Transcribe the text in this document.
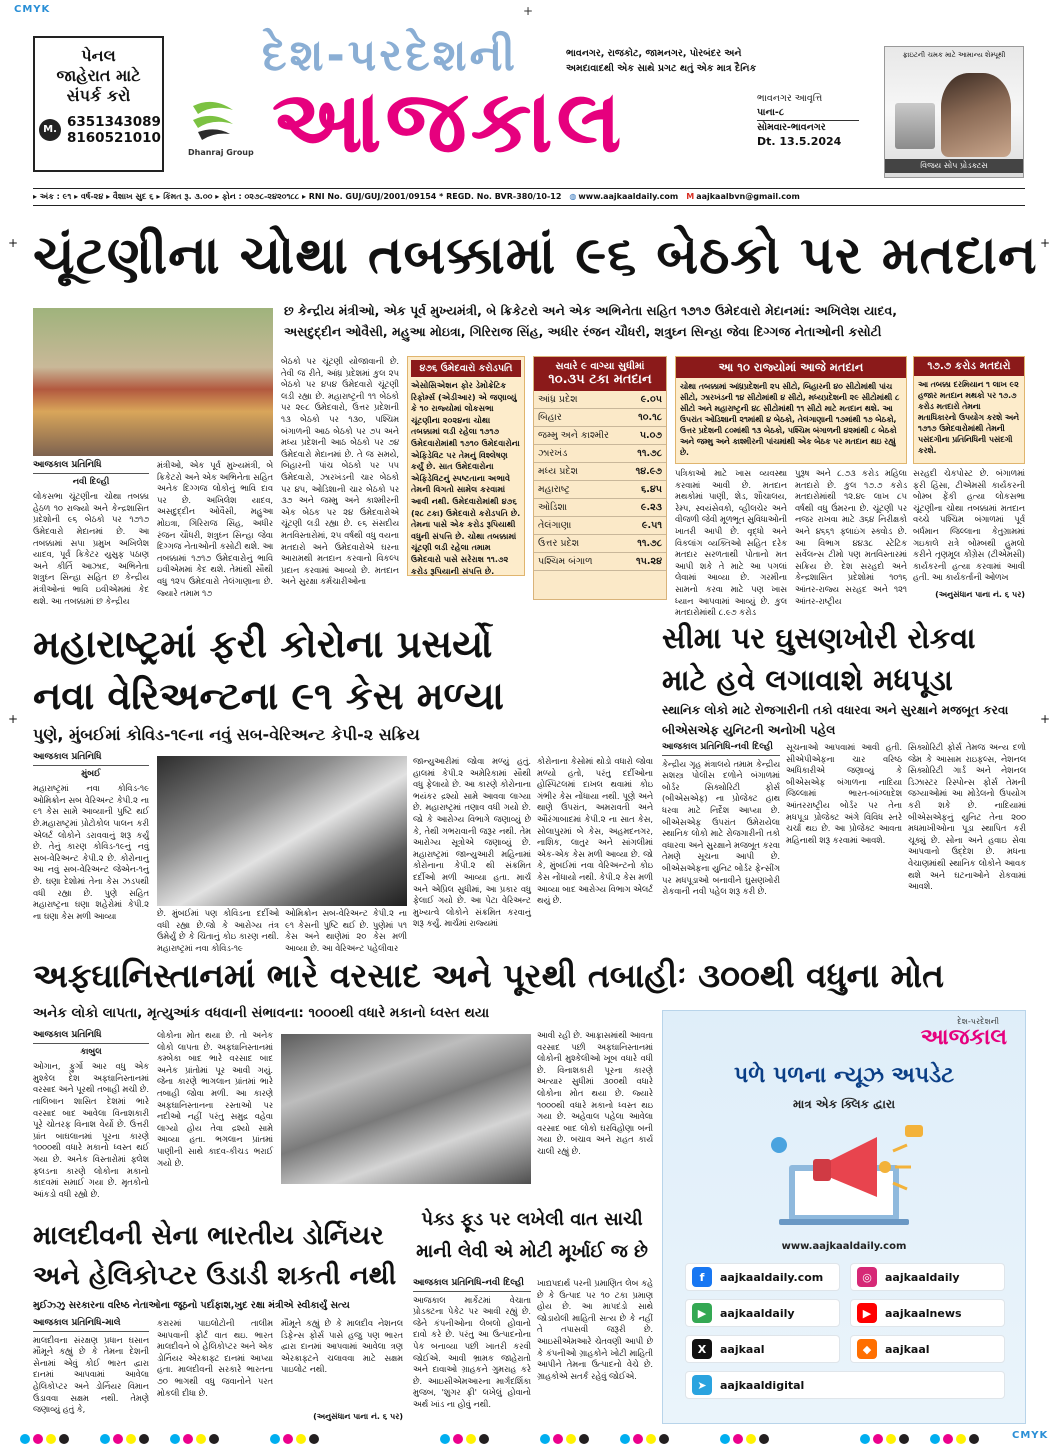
CMYK	+
પેનલ
જાહેરાત માટે
સંપર્ક કરો
M. 6351343089
8160521010
Dhanraj Group
દેશ-પરદેશની
આજકાલ
ભાવનગર, રાજકોટ, જામનગર, પોરબંદર અને
અમદાવાદથી એક સાથે પ્રગટ થતું એક માત્ર દૈનિક
ભાવનગર આવૃત્તિ
પાના-૮
સોમવાર-ભાવનગર
Dt. 13.5.2024
ફ્રાઇટની ચમક માટે આમાન્ય શેમ્પૂથી
વિજય સોપ પ્રોડક્ટસ
▸ અંક : ૯૧ ▸ વર્ષ-૨૪ ▸ વૈશાખ સુદ ૬ ▸ કિંમત રૂ. ૩.૦૦ ▸ ફોન : ૦૨૭૮-૨૪૨૦૧૮૮ ▸ RNI No. GUJ/GUJ/2001/09154 * REGD. No. BVR-380/10-12 ◍ www.aajkaaldaily.com M aajkaalbvn@gmail.com
+	+
ચૂંટણીના ચોથા તબક્કામાં ૯૬ બેઠકો પર મતદાન
છ કેન્દ્રીય મંત્રીઓ, એક પૂર્વ મુખ્યમંત્રી, બે ક્રિકેટરો અને એક અભિનેતા સહિત ૧૭૧૭ ઉમેદવારો મેદાનમાં: અખિલેશ યાદવ,
અસદુદ્દીન ઓવૈસી, મહુઆ મોઇત્રા, ગિરિરાજ સિંહ, અધીર રંજન ચૌધરી, શત્રુઘ્ન સિન્હા જેવા દિગ્ગજ નેતાઓની કસોટી
આજકાલ પ્રતિનિધિ
નવી દિલ્હી

લોકસભા ચૂંટણીના ચોથા તબક્કા હેઠળ ૧૦ રાજ્યો અને કેન્દ્રશાસિત પ્રદેશોની ૯૬ બેઠકો પર ૧૭૧૭ ઉમેદવારો મેદાનમાં છે. આ તબક્કામાં સપા પ્રમુખ અખિલેશ યાદવ, પૂર્વ ક્રિકેટર યુસુફ પઠાણ અને કીર્તિ આઝાદ, અભિનેતા શત્રુઘ્ન સિન્હા સહિત છ કેન્દ્રીય મંત્રીઓનાં ભાવિ ઇવીએમમાં કેદ થશે. આ તબક્કામાં છ કેન્દ્રીય

મંત્રીઓ, એક પૂર્વ મુખ્યમંત્રી, બે ક્રિકેટરો અને એક અભિનેતા સહિત અનેક દિગ્ગજ લોકોનું ભાવિ દાવ પર છે. અખિલેશ યાદવ, અસદુદ્દીન ઓવૈસી, મહુઆ મોઇત્રા, ગિરિરાજ સિંહ, અધીર રંજન ચૌધરી, શત્રુઘ્ન સિન્હા જેવા દિગ્ગજ નેતાઓની કસોટી થશે. આ તબક્કામાં ૧૭૧૭ ઉમેદવારોનું ભાવિ ઇવીએમમાં કેદ થશે. તેમાંથી સૌથી વધુ ૧૨૫ ઉમેદવારો તેલંગાણાના છે. જ્યારે તમામ ૧૭

બેઠકો પર ચૂંટણી યોજાવાની છે. તેવી જ રીતે, આંધ્ર પ્રદેશમાં કુલ ૨૫ બેઠકો પર ૪૫૪ ઉમેદવારો ચૂંટણી લડી રહ્યા છે. મહારાષ્ટ્રની ૧૧ બેઠકો પર ૨૯૮ ઉમેદવારો, ઉત્તર પ્રદેશની ૧૩ બેઠકો પર ૧૩૦, પશ્ચિમ બંગાળની આઠ બેઠકો પર ૭૫ અને મધ્ય પ્રદેશની આઠ બેઠકો પર ૭૪ ઉમેદવારો મેદાનમાં છે. તે જ સમયે, બિહારની પાંચ બેઠકો પર ૫૫ ઉમેદવારો, ઝારખંડની ચાર બેઠકો પર ૪૫, ઓડિશાની ચાર બેઠકો પર ૩૭ અને જમ્મુ અને કાશ્મીરની એક બેઠક પર ૨૪ ઉમેદવારોએ ચૂંટણી લડી રહ્યા છે. ૯૬ સંસદીય મતવિસ્તારોમાં, ૨૫ વર્ષથી વધુ વયના મતદારો અને ઉમેદવારોએ ઘરના આરામથી મતદાન કરવાનો વિકલ્પ પ્રદાન કરવામાં આવ્યો છે. મતદાન અને સુરક્ષા કર્મચારીઓના

૪૭૬ ઉમેદવારો કરોડપતિ
એસોસિએશન ફોર ડેમોક્રેટિક રિફોર્મ્સ (એડીઆર) એ જણાવ્યું કે ૧૦ રાજ્યોમાં લોકસભા ચૂંટણીના ૨૦૨૪ના ચોથા તબક્કામાં લડી રહેલા ૧૭૧૭ ઉમેદવારોમાંથી ૧૭૧૦ ઉમેદવારોના એફિડેવિટ પર તેમનું વિશ્લેષણ કર્યું છે. સાત ઉમેદવારોના એફિડેવિટનું સ્પષ્ટતાના અભાવે તેમની વિગતો સામેલ કરવામાં આવી નથી. ઉમેદવારોમાંથી ૪૭૬ (૨૮ ટકા) ઉમેદવારો કરોડપતિ છે. તેમના પાસે એક કરોડ રૂપિયાથી વધુની સંપત્તિ છે. ચોથા તબક્કામાં ચૂંટણી લડી રહેલા તમામ ઉમેદવારો પાસે સરેરાશ ૧૧.૭૨ કરોડ રૂપિયાની સંપત્તિ છે.
સવારે ૯ વાગ્યા સુધીમાં
૧૦.૩૫ ટકા મતદાન
આંધ્ર પ્રદેશ	૯.૦૫
બિહાર	૧૦.૧૮
જમ્મુ અને કાશ્મીર	૫.૦૭
ઝારખંડ	૧૧.૭૮
મધ્ય પ્રદેશ	૧૪.૯૭
મહારાષ્ટ્ર	૬.૪૫
ઓડિશા	૯.૨૩
તેલંગાણા	૯.૫૧
ઉત્તર પ્રદેશ	૧૧.૭૮
પશ્ચિમ બંગાળ	૧૫.૨૪
આ ૧૦ રાજ્યોમાં આજે મતદાન
ચોથા તબક્કામાં આંધ્રપ્રદેશની ૨૫ સીટો, બિહારની ૪૦ સીટોમાંથી પાંચ સીટો, ઝારખંડની ૧૪ સીટોમાંથી ૪ સીટો, મધ્યપ્રદેશની ૨૯ સીટોમાંથી ૮ સીટો અને મહારાષ્ટ્રની ૪૮ સીટોમાંથી ૧૧ સીટો માટે મતદાન થશે. આ ઉપરાંત ઓડિશાની ૨૧માંથી ૪ બેઠકો, તેલંગાણાની ૧૭માંથી ૧૭ બેઠકો, ઉત્તર પ્રદેશની ૮૦માંથી ૧૩ બેઠકો, પશ્ચિમ બંગાળની ૪૨માંથી ૮ બેઠકો અને જમ્મુ અને કાશ્મીરની પાંચમાંથી એક બેઠક પર મતદાન થઇ રહ્યું છે.

પત્રિકાઓ માટે ખાસ વ્યવસ્થા કરવામાં આવી છે. મતદાન મથકોમાં પાણી, શેડ, શૌચાલય, રેમ્પ, સ્વયંસેવકો, વ્હીલચેર અને વીજળી જેવી મૂળભૂત સુવિધાઓની ખાતરી આપી છે. વૃદ્ધો અને વિકલાંગ વ્યક્તિઓ સહિત દરેક મતદાર સરળતાથી પોતાનો મત આપી શકે તે માટે આ પગલાં લેવામાં આવ્યા છે. ગરમીના સામનો કરવા માટે પણ ખાસ ધ્યાન આપવામાં આવ્યું છે. કુલ મતદારોમાંથી ૮.૯૭ કરોડ

પુરૂષ અને ૮.૭૩ કરોડ મહિલા મતદારો છે. કુલ ૧૭.૭ કરોડ મતદારોમાંથી ૧૨.૪૯ લાખ ૮૫ વર્ષથી વધુ ઉંમરના છે. ચૂંટણી પર નજર રાખવા માટે ૩૬૪ નિરીક્ષકો અને ૪૬૬૧ ફ્લાઇંગ સ્ક્વોડ છે. આ વિભાગ ૪૪૩૮ સ્ટેટિક સર્વેલન્સ ટીમો પણ મતવિસ્તારમાં સક્રિય છે. દેશ સરહદો અને કેન્દ્રશાસિત પ્રદેશોમાં ૧૦૧૬ આંતર-રાજ્ય સરહદ અને ૧૨૧ આંતર-રાષ્ટ્રીય

૧૭.૭ કરોડ મતદારો
આ તબક્કા દરમિયાન ૧ લાખ ૯૨ હજાર મતદાન મથકો પર ૧૭.૭ કરોડ મતદારો તેમના મતાધિકારનો ઉપયોગ કરશે અને ૧૭૧૭ ઉમેદવારોમાંથી તેમની પસંદગીના પ્રતિનિધિની પસંદગી કરશે.

સરહદી ચેકપોસ્ટ છે. બંગાળમાં ફરી હિંસા, ટીએમસી કાર્યકરની બોમ્બ ફેંકી હત્યા લોકસભા ચૂંટણીના ચોથા તબક્કામાં મતદાન વચ્ચે પશ્ચિમ બંગાળમાં પૂર્વ બર્ધમાન જિલ્લાના કેતુગ્રામમાં ગઇકાલે રાત્રે બોમ્બથી હુમલો કરીને તૃણમૂલ કોંગ્રેસ (ટીએમસી) કાર્યકરની હત્યા કરવામાં આવી હતી. આ કાર્યકર્તાની ઓળખ

(અનુસંધાન પાના નં. ૬ પર)
મહારાષ્ટ્રમાં ફરી કોરોના પ્રસર્યો
નવા વેરિઅન્ટના ૯૧ કેસ મળ્યા
પુણે, મુંબઈમાં કોવિડ-૧૯ના નવું સબ-વેરિઅન્ટ કેપી-૨ સક્રિય
આજકાલ પ્રતિનિધિ
મુંબઈ

મહારાષ્ટ્રમાં નવા કોવિડ-૧૯ ઓમિક્રોન સબ વેરિઅન્ટ કેપી.૨ ના ૯૧ કેસ સામે આવ્યાની પુષ્ટિ થઈ છે.મહારાષ્ટ્રમાં પ્રોટોકોલ પાલન કરી એલર્ટ લોકોને ડરાવવાનું શરૂ કર્યું છે. તેનું કારણ કોવિડ-૧૯નું નવું સબ-વેરિઅન્ટ કેપી.૨ છે. કોરોનાનું આ નવું સબ-વેરિઅન્ટ જેએન-૧નું છે. ઘણા દેશોમાં તેના કેસ ઝડપથી વધી રહ્યા છે. પુણે સહિત મહારાષ્ટ્રના ઘણા શહેરોમાં કેપી.૨ ના ઘણા કેસ મળી આવ્યા	છે. મુંબઈમાં પણ કોવિડના દર્દીઓ વધી રહ્યા છે.જો કે આરોગ્ય તંત્ર ઉમેર્યું છે કે ચિંતાનું કોઇ કારણ નથી. મહારાષ્ટ્રમાં નવા કોવિડ-૧૯

ઓમિક્રોન સબ-વેરિઅન્ટ કેપી.૨ ના ૯૧ કેસની પુષ્ટિ થઈ છે. પુણેમાં ૫૧ કેસ અને થાણેમાં ૨૦ કેસ મળી આવ્યા છે. આ વેરિઅન્ટ પહેલીવાર

જાન્યુઆરીમાં જોવા મળ્યું હતું. હાલમાં કેપી.૨ અમેરિકામાં સૌથી વધુ ફેલાયો છે. આ કારણે કોરોનાના ભયંકર દ્રશ્યો સામે આવવા લાગ્યા છે. મહારાષ્ટ્રમાં તણાવ વધી ગયો છે. જો કે આરોગ્ય વિભાગે જણાવ્યું છે કે, તેથી ગભરાવાની જરૂર નથી. તેમ આરોગ્ય સૂત્રોએ જણાવ્યું છે. મહારાષ્ટ્રમાં જાન્યુઆરી મહિનામાં કોરોનાના કેપી.૨ થી સંક્રમિત દર્દીઓ મળી આવ્યા હતા. માર્ચ અને એપ્રિલ સુધીમાં, આ પ્રકાર વધુ ફેલાઈ ગયો છે. આ પેટા વેરિઅન્ટ મુખ્યત્વે લોકોને સંક્રમિત કરવાનું શરૂ કર્યું. માર્ચમાં રાજ્યમાં

કોરોનાના કેસોમાં થોડો વધારો જોવા મળ્યો હતો, પરંતુ દર્દીઓના હોસ્પિટલમાં દાખલ થવામાં કોઇ ગંભીર કેસ નોંધાયા નથી. પૂણે અને થાણે ઉપરાંત, અમરાવતી અને ઔરંગાબાદમાં કેપી.૨ ના સાત કેસ, સોલાપુરમાં બે કેસ, અહમદનગર, નાશિક, લાતુર અને સાંગલીમાં એક-એક કેસ મળી આવ્યા છે. જો કે, મુંબઈમાં નવા વેરિઅન્ટનો કોઇ કેસ નોંધાયો નથી. કેપી.૨ કેસ મળી આવ્યા બાદ આરોગ્ય વિભાગ એલર્ટ થયું છે.

સીમા પર ઘુસણખોરી રોકવા
માટે હવે લગાવાશે મધપૂડા
સ્થાનિક લોકો માટે રોજગારીની તકો વધારવા અને સુરક્ષાને મજબૂત કરવા બીએસએફ યુનિટની અનોખી પહેલ
આજકાલ પ્રતિનિધિ-નવી દિલ્હી

કેન્દ્રીય ગૃહ મંત્રાલયે તમામ કેન્દ્રીય સશસ્ત્ર પોલીસ દળોને બંગાળમાં બોર્ડર સિક્યોરિટી ફોર્સ (બીએસએફ) ના પ્રોજેક્ટ હાથ ધરવા માટે નિર્દેશ આપ્યા છે. બીએસએફ ઉપરાંત ઉમેરાયેલા સ્થાનિક લોકો માટે રોજગારીની તકો વધારવા અને સુરક્ષાને મજબૂત કરવા તેમણે સૂચના આપી છે. બીએસએફના યુનિટ બોર્ડર ફેન્સીંગ પર મધપૂડાઓ બનાવીને ઘુસણખોરી રોકવાની નવી પહેલ શરૂ કરી છે.

સૂચનાઓ આપવામાં આવી હતી. સીએપીએફના ચાર વરિષ્ઠ અધિકારીએ જણાવ્યું કે બીએસએફ બંગાળના નાદિયા જિલ્લામાં ભારત-બાંગ્લાદેશ આંતરરાષ્ટ્રીય બોર્ડર પર તેના મધપૂડા પ્રોજેક્ટ અંગે વિવિધ સ્તરે ચર્ચા થઇ છે. આ પ્રોજેક્ટ આવતા મહિનાથી શરૂ કરવામાં આવશે.

સિક્યોરિટી ફોર્સ તેમજ અન્ય દળો જેમ કે આસામ રાઇફલ્સ, નેશનલ સિક્યોરિટી ગાર્ડ અને નેશનલ ડિઝાસ્ટર રિસ્પોન્સ ફોર્સ તેમની જગ્યાઓમાં આ મોડેલનો ઉપયોગ કરી શકે છે. નાદિયામાં બીએસએફનું યુનિટ તેના ૨૦૦ મધમાખીઓના પૂડા સ્થાપિત કરી ચૂક્યું છે. સોના અને હવાઇ સેવા આપવાનો ઉદ્દેશ છે. મધના વેચાણમાંથી સ્થાનિક લોકોને આવક થશે અને ઘટનાઓને રોકવામાં આવશે.

+	+
અફઘાનિસ્તાનમાં ભારે વરસાદ અને પૂરથી તબાહીઃ ૩૦૦થી વધુના મોત
અનેક લોકો લાપતા, મૃત્યુઆંક વધવાની સંભાવના: ૧૦૦૦થી વધારે મકાનો ધ્વસ્ત થયા
આજકાલ પ્રતિનિધિ
કાબુલ

ઓગાન, ફુર્ગો આર વધુ એક મુશ્કેલ દેશ અફઘાનિસ્તાનમાં વરસાદ અને પૂરથી તબાહી મચી છે. તાલિબાન શાસિત દેશમાં ભારે વરસાદ બાદ આવેલા વિનાશકારી પૂરે ચોતરફ વિનાશ વેર્યો છે. ઉત્તરી પ્રાંત બાઘલાનમાં પૂરના કારણે ૧૦૦૦થી વધારે મકાનો ધ્વસ્ત થઈ ગયા છે. અનેક વિસ્તારોમાં ફ્લેશ ફ્લડના કારણે લોકોના મકાનો કાદવમાં સમાઈ ગયા છે. મૃતકોનો આંકડો વધી રહ્યો છે.

લોકોના મોત થયા છે. તો અનેક લોકો લાપતા છે. અફઘાનિસ્તાનમાં કમ્બેકા બાદ ભારે વરસાદ બાદ અનેક પ્રાંતોમાં પૂર આવી ગયું. જેના કારણે ભાગલાન પ્રાંતમાં ભારે તબાહી જોવા મળી. આ કારણે અફઘાનિસ્તાનના રસ્તાઓ પર નદીઓ નહીં પરંતુ સમુદ્ર વહેવા લાગ્યો હોય તેવા દ્રશ્યો સામે આવ્યા હતા. ભગલાન પ્રાંતમાં પાણીની સાથે કાદવ-કીચડ ભરાઈ ગયો છે.

આવી રહી છે. આફ્રાસમાંથી આવતા વરસાદ પછી અફઘાનિસ્તાનમાં લોકોની મુશ્કેલીઓ ખૂબ વધારે વધી છે. વિનાશકારી પૂરના કારણે અત્યાર સુધીમાં ૩૦૦થી વધારે લોકોના મોત થયા છે. જ્યારે ૧૦૦૦થી વધારે મકાનો ધ્વસ્ત થઇ ગયા છે. અહેવાલ પહેલા આવેલા વરસાદ બાદ લોકો ઘરવિહોણા બની ગયા છે. બચાવ અને રાહત કાર્ય ચાલી રહ્યું છે.

માલદીવની સેના ભારતીય ડોર્નિયર
અને હેલિકોપ્ટર ઉડાડી શકતી નથી
મુઈઝ્ઝુ સરકારના વરિષ્ઠ નેતાઓના જૂઠનો પર્દાફાશ,ખુદ રક્ષા મંત્રીએ સ્વીકાર્યું સત્ય
આજકાલ પ્રતિનિધિ-માલે

માલદીવના સંરક્ષણ પ્રધાન ઘસાન મૌમૂને કહ્યું છે કે તેમના દેશની સેનામાં એવું કોઈ ભારત દ્વારા દાનમાં આપવામાં આવેલા હેલિકોપ્ટર અને ડોર્નિયર વિમાન ઉડાવવા સક્ષમ નથી. તેમણે જણાવ્યું હતું કે,

કરારમાં પાઇલોટોની તાલીમ આપવાની ફોર્ટ વાત થઇ. ભારત માલદીવને બે હેલિકોપ્ટર અને એક ડોર્નિયર એરક્રાફ્ટ દાનમાં આપ્યા હતા. માલદીવની સરકારે ભારતના ૭૦ ભાગથી વધુ જવાનોને પરત મોકલી દીધા છે.

મૌમૂને કહ્યું છે કે માલદીવ નેશનલ ડિફેન્સ ફોર્સ પાસે હજુ પણ ભારત દ્વારા દાનમાં આપવામાં આવેલા ત્રણ એરક્રાફ્ટને ચલાવવા માટે સક્ષમ પાઇલોટ નથી.

(અનુસંધાન પાના નં. ૬ પર)
પેક્ડ ફૂડ પર લખેલી વાત સાચી
માની લેવી એ મોટી મૂર્ખાઈ જ છે
આજકાલ પ્રતિનિધિ-નવી દિલ્હી

આજકાલ માર્કેટમાં વેચાતા પ્રોડક્ટના પેકેટ પર આવી રહ્યું છે. જેને કંપનીઓના લેબલો હોવાનો દાવો કરે છે. પરંતુ આ ઉત્પાદનોના પેક બનાવ્યા પછી ખાતરી કરવી જોઈએ. આવી ભ્રામક જાહેરાતો અને દાવાઓ ગ્રાહકને ગુમરાહ કરે છે. આઇસીએમઆરના માર્ગદર્શિકા મુજબ, 'શુગર ફ્રી' લખેલું હોવાનો અર્થ ખાંડ ના હોવું નથી.

ખાદ્યપદાર્થ પરની પ્રમાણિત લેબ કહે છે કે ઉત્પાદ પર ૧૦ ટકા પ્રમાણ હોય છે. આ માપદંડો સાથે જોડાયેલી માહિતી સત્ય છે કે નહીં તે તપાસવી જરૂરી છે. આઇસીએમઆરે ચેતવણી આપી છે કે કંપનીઓ ગ્રાહકોને ખોટી માહિતી આપીને તેમના ઉત્પાદનો વેચે છે. ગ્રાહકોએ સતર્ક રહેવું જોઈએ.

દેશ-પરદેશની
આજકાલ
પળે પળના ન્યૂઝ અપડેટ
માત્ર એક ક્લિક દ્વારા
www.aajkaaldaily.com
f	aajkaaldaily.com	◎	aajkaaldaily
▶	aajkaaldaily	▶	aajkaalnews
X	aajkaal	◆	aajkaal
➤	aajkaaldigital
CMYK
